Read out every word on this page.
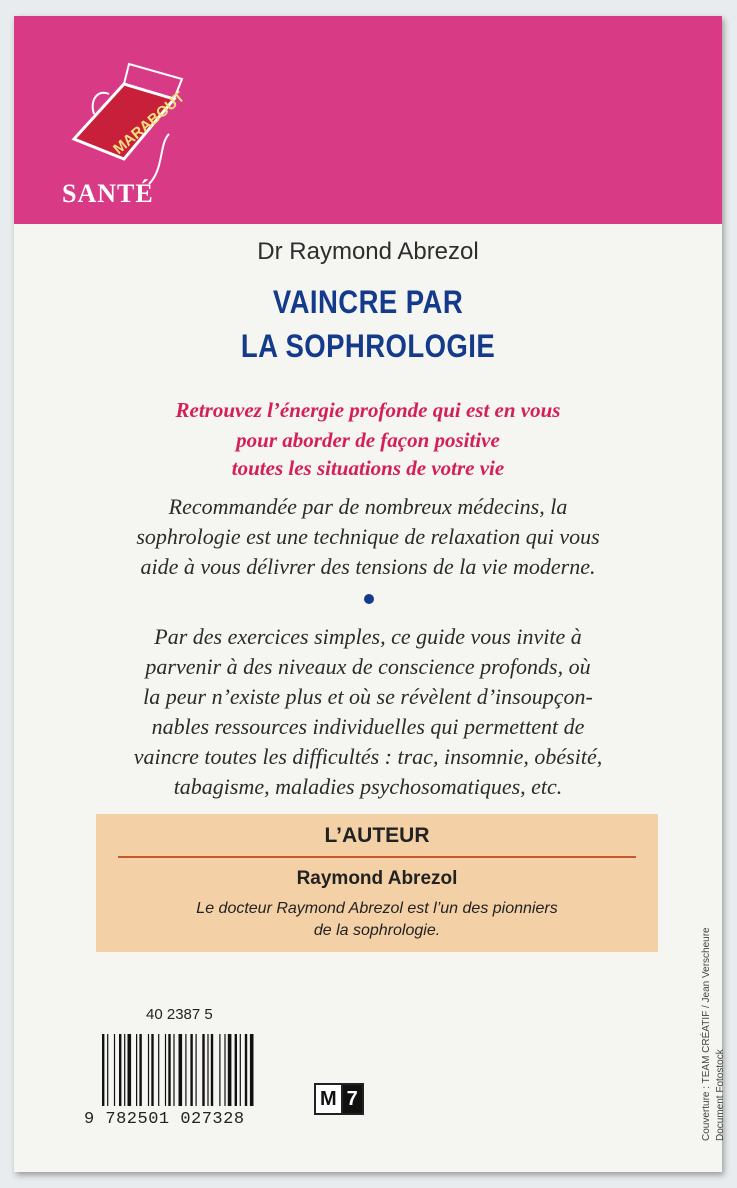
MARABOUT
SANTÉ
Dr Raymond Abrezol
VAINCRE PAR
LA SOPHROLOGIE
Retrouvez l’énergie profonde qui est en vous
pour aborder de façon positive
toutes les situations de votre vie
Recommandée par de nombreux médecins, la
sophrologie est une technique de relaxation qui vous
aide à vous délivrer des tensions de la vie moderne.
Par des exercices simples, ce guide vous invite à
parvenir à des niveaux de conscience profonds, où
la peur n’existe plus et où se révèlent d’insoupçon-
nables ressources individuelles qui permettent de
vaincre toutes les difficultés : trac, insomnie, obésité,
tabagisme, maladies psychosomatiques, etc.
L’AUTEUR
Raymond Abrezol
Le docteur Raymond Abrezol est l’un des pionniers
de la sophrologie.
40 2387 5
9 782501 027328
M 7	Couverture : TEAM CRÉATIF / Jean Verscheure Document Fotostock
